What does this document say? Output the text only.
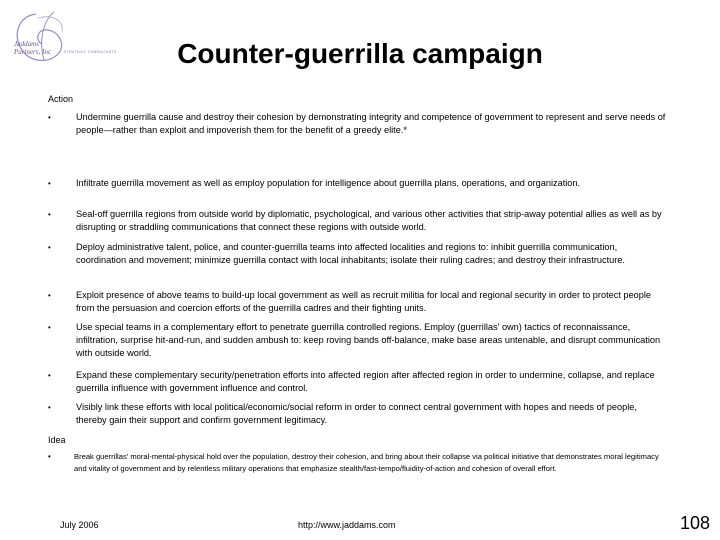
Jaddams
Partners, Inc	STRATEGIC CONSULTANTS	Counter-guerrilla campaign
Action
•	Undermine guerrilla cause and destroy their cohesion by demonstrating integrity and competence of government to represent and serve needs of people—rather than exploit and impoverish them for the benefit of a greedy elite.*
•	Infiltrate guerrilla movement as well as employ population for intelligence about guerrilla plans, operations, and organization.
•	Seal-off guerrilla regions from outside world by diplomatic, psychological, and various other activities that strip-away potential allies as well as by disrupting or straddling communications that connect these regions with outside world.
•	Deploy administrative talent, police, and counter-guerrilla teams into affected localities and regions to: inhibit guerrilla communication, coordination and movement; minimize guerrilla contact with local inhabitants; isolate their ruling cadres; and destroy their infrastructure.
•	Exploit presence of above teams to build-up local government as well as recruit militia for local and regional security in order to protect people from the persuasion and coercion efforts of the guerrilla cadres and their fighting units.
•	Use special teams in a complementary effort to penetrate guerrilla controlled regions. Employ (guerrillas' own) tactics of reconnaissance, infiltration, surprise hit-and-run, and sudden ambush to: keep roving bands off-balance, make base areas untenable, and disrupt communication with outside world.
•	Expand these complementary security/penetration efforts into affected region after affected region in order to undermine, collapse, and replace guerrilla influence with government influence and control.
•	Visibly link these efforts with local political/economic/social reform in order to connect central government with hopes and needs of people, thereby gain their support and confirm government legitimacy.
Idea
•	Break guerrillas' moral-mental-physical hold over the population, destroy their cohesion, and bring about their collapse via political initiative that demonstrates moral legitimacy and vitality of government and by relentless military operations that emphasize stealth/fast-tempo/fluidity-of-action and cohesion of overall effort.
July 2006	http://www.jaddams.com	108
